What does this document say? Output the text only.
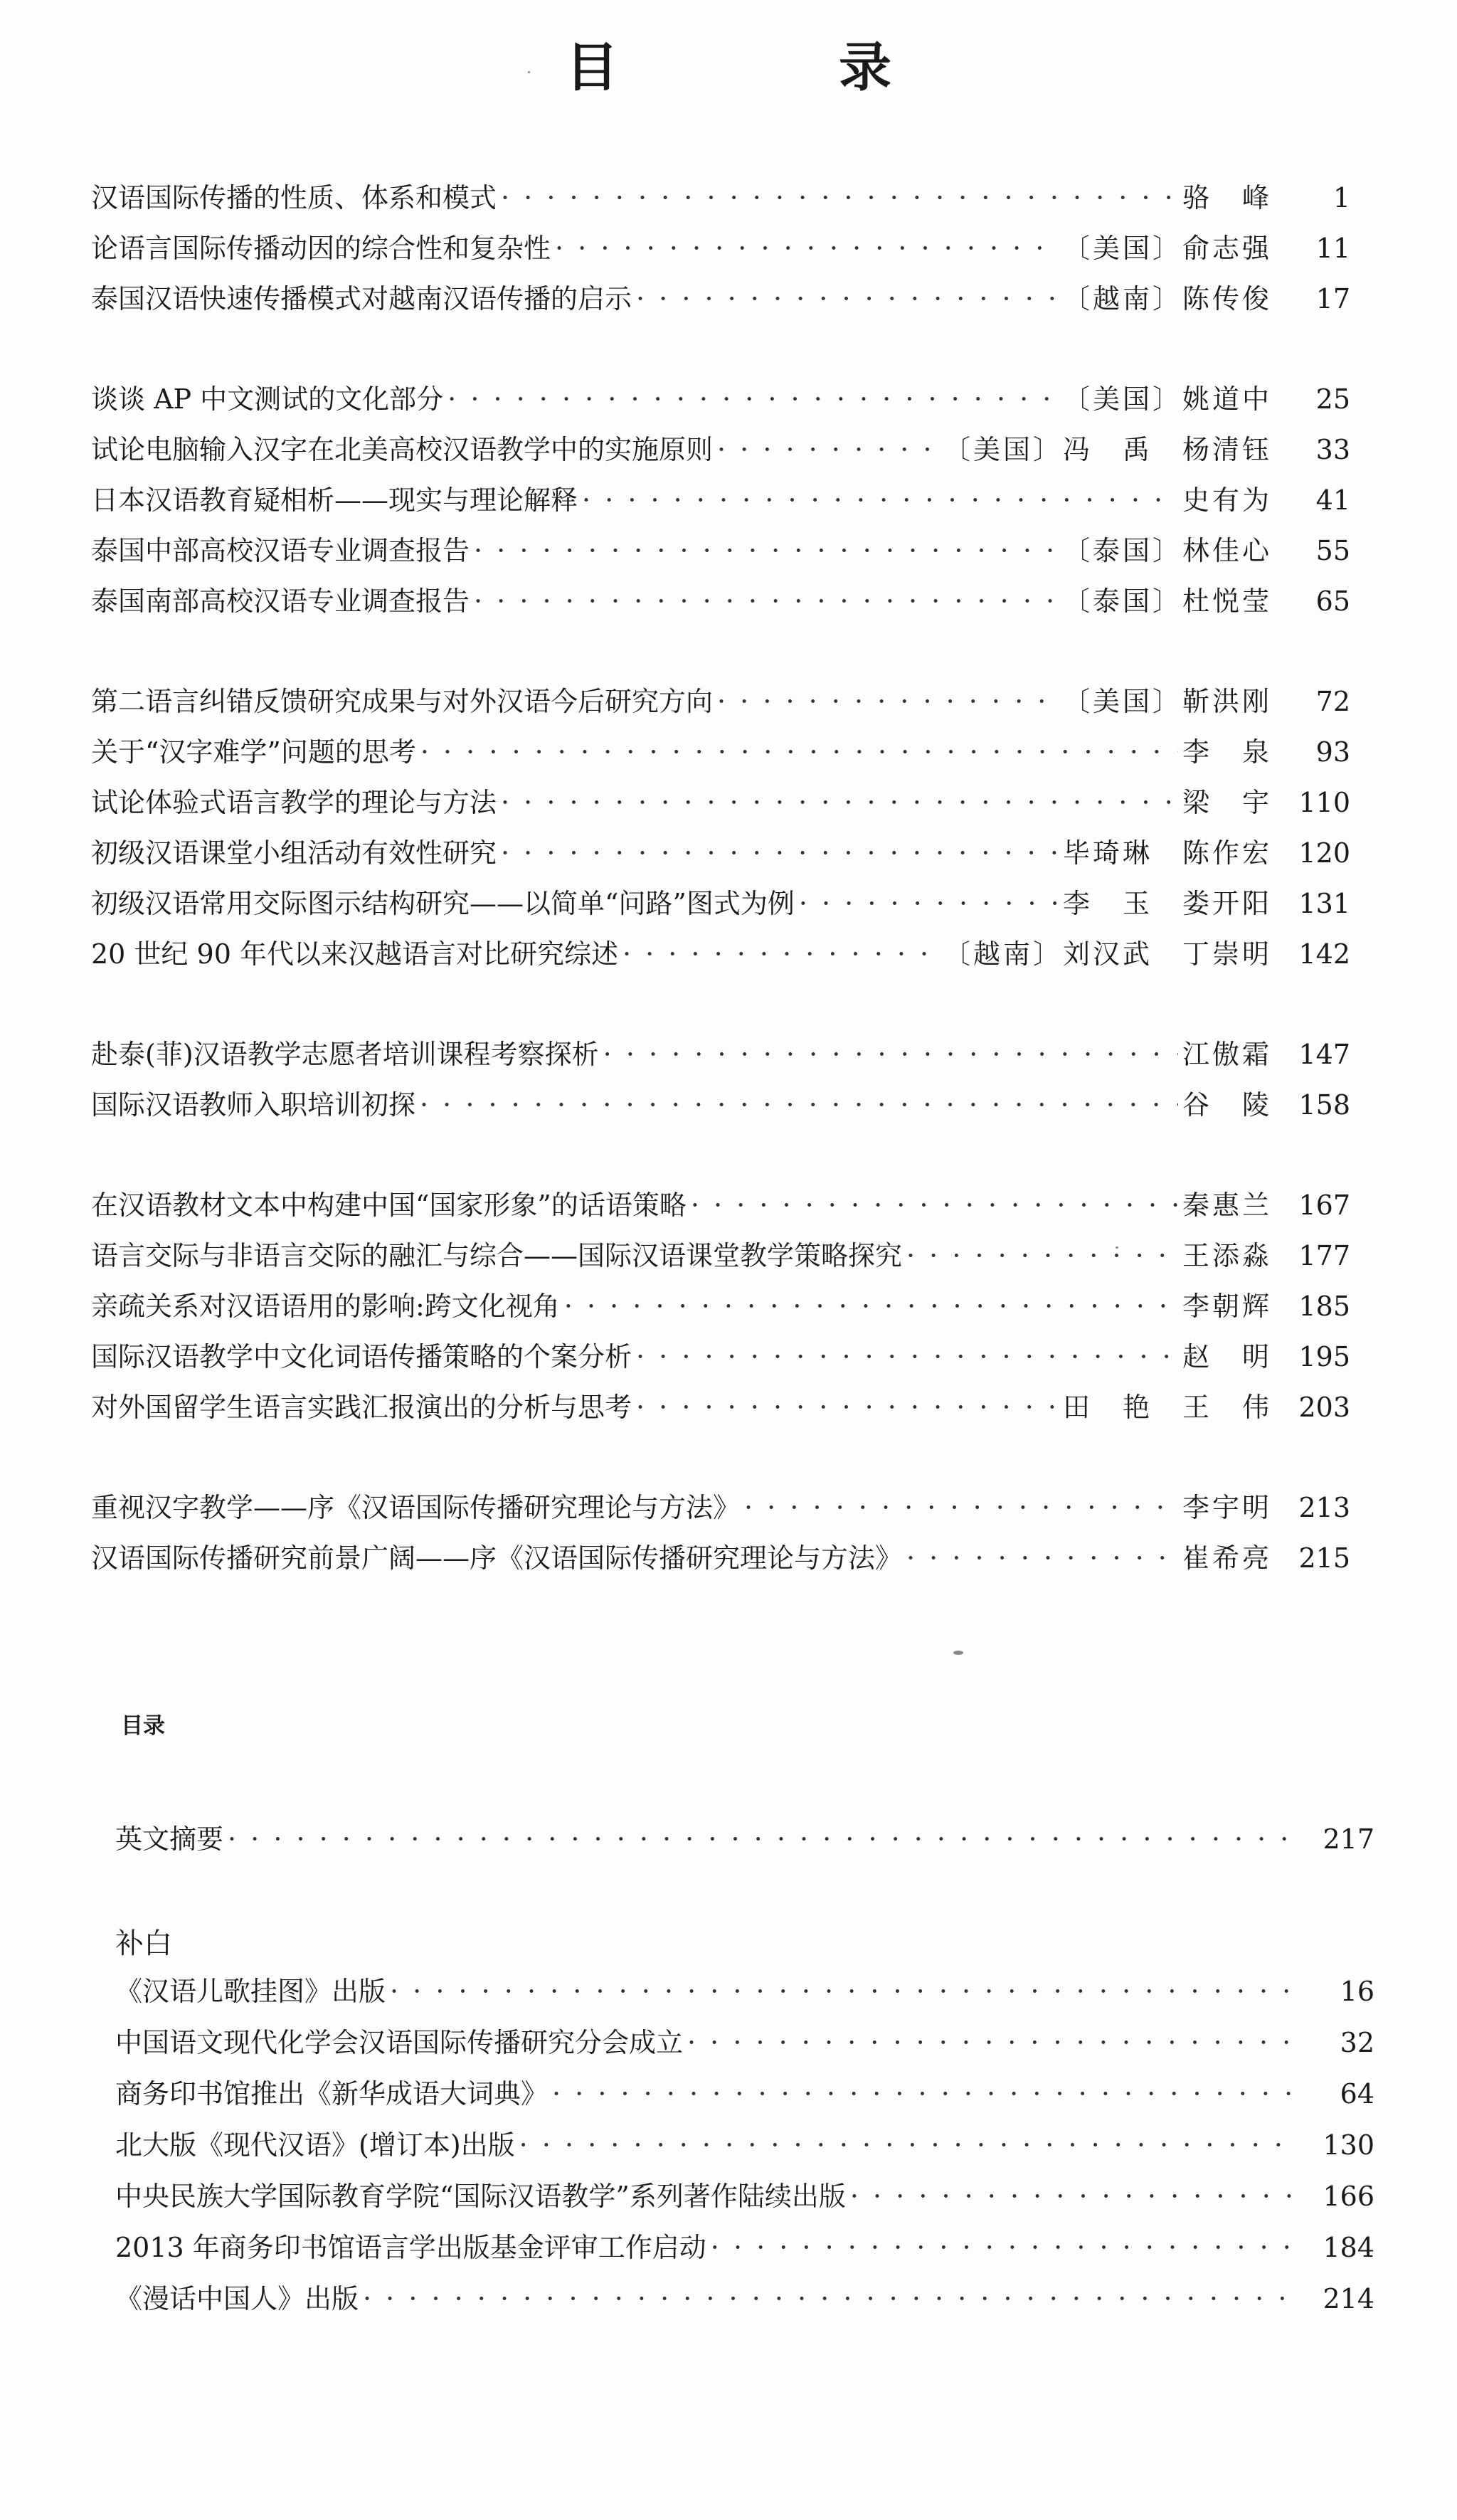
目　录
汉语国际传播的性质、体系和模式 · · ·	骆　峰	1
论语言国际传播动因的综合性和复杂性 · · ·	〔美国〕俞志强	11
泰国汉语快速传播模式对越南汉语传播的启示 · · ·	〔越南〕陈传俊	17
谈谈 AP 中文测试的文化部分 · · ·	〔美国〕姚道中	25
试论电脑输入汉字在北美高校汉语教学中的实施原则 · · ·	〔美国〕冯　禹　杨清钰	33
日本汉语教育疑相析——现实与理论解释 · · ·	史有为	41
泰国中部高校汉语专业调查报告 · · ·	〔泰国〕林佳心	55
泰国南部高校汉语专业调查报告 · · ·	〔泰国〕杜悦莹	65
第二语言纠错反馈研究成果与对外汉语今后研究方向 · · ·	〔美国〕靳洪刚	72
关于“汉字难学”问题的思考 · · ·	李　泉	93
试论体验式语言教学的理论与方法 · · ·	梁　宇 110
初级汉语课堂小组活动有效性研究 · · ·	毕琦琳　陈作宏 120
初级汉语常用交际图示结构研究——以简单“问路”图式为例 · · ·	李　玉　娄开阳 131
20 世纪 90 年代以来汉越语言对比研究综述 · · ·	〔越南〕刘汉武　丁崇明 142
赴泰(菲)汉语教学志愿者培训课程考察探析 · · ·	江傲霜 147
国际汉语教师入职培训初探 · · ·	谷　陵 158
在汉语教材文本中构建中国“国家形象”的话语策略 · · ·	秦惠兰 167
语言交际与非语言交际的融汇与综合——国际汉语课堂教学策略探究 · · ·	王添淼 177
亲疏关系对汉语语用的影响:跨文化视角 · · ·	李朝辉 185
国际汉语教学中文化词语传播策略的个案分析 · · ·	赵　明 195
对外国留学生语言实践汇报演出的分析与思考 · · ·	田　艳　王　伟 203
重视汉字教学——序《汉语国际传播研究理论与方法》 · · ·	李宇明 213
汉语国际传播研究前景广阔——序《汉语国际传播研究理论与方法》 · · ·	崔希亮 215
目录
英文摘要 · · ·	217
《汉语儿歌挂图》出版 · · ·	16
中国语文现代化学会汉语国际传播研究分会成立 · · ·	32
商务印书馆推出《新华成语大词典》 · · ·	64
北大版《现代汉语》(增订本)出版 · · ·	130
中央民族大学国际教育学院“国际汉语教学”系列著作陆续出版 · · ·	166
2013 年商务印书馆语言学出版基金评审工作启动 · · ·	184
《漫话中国人》出版 · · ·	214
补白
